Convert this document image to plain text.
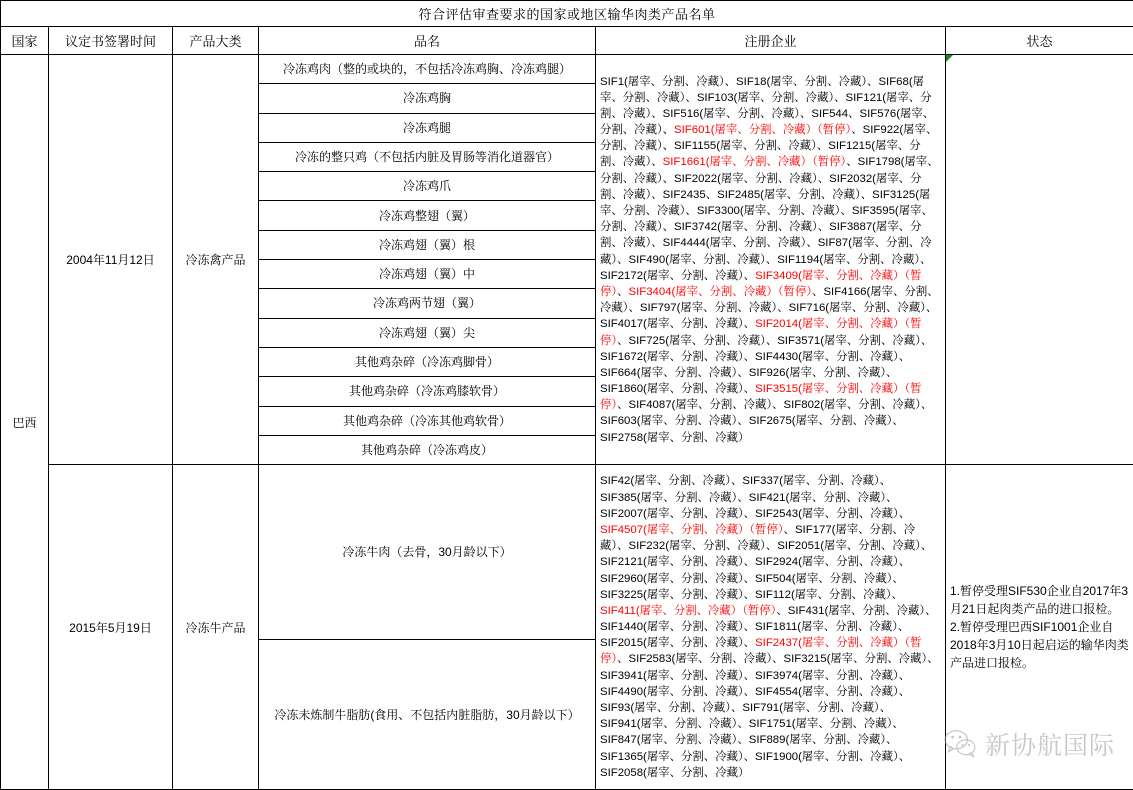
符合评估审查要求的国家或地区输华肉类产品名单					
国家	议定书签署时间	产品大类	品名	注册企业	状态
巴西	2004年11月12日	冷冻禽产品	冷冻鸡肉（整的或块的，不包括冷冻鸡胸、冷冻鸡腿）	SIF1(屠宰、分割、冷藏）、SIF18(屠宰、分割、冷藏）、SIF68(屠宰、分割、冷藏）、SIF103(屠宰、分割、冷藏）、SIF121(屠宰、分割、冷藏）、SIF516(屠宰、分割、冷藏）、SIF544、SIF576(屠宰、分割、冷藏）、SIF601(屠宰、分割、冷藏）（暂停）、SIF922(屠宰、分割、冷藏）、SIF1155(屠宰、分割、冷藏）、SIF1215(屠宰、分割、冷藏）、SIF1661(屠宰、分割、冷藏）（暂停）、SIF1798(屠宰、分割、冷藏）、SIF2022(屠宰、分割、冷藏）、SIF2032(屠宰、分割、冷藏）、SIF2435、SIF2485(屠宰、分割、冷藏）、SIF3125(屠宰、分割、冷藏）、SIF3300(屠宰、分割、冷藏）、SIF3595(屠宰、分割、冷藏）、SIF3742(屠宰、分割、冷藏）、SIF3887(屠宰、分割、冷藏）、SIF4444(屠宰、分割、冷藏）、SIF87(屠宰、分割、冷藏）、SIF490(屠宰、分割、冷藏）、SIF1194(屠宰、分割、冷藏）、SIF2172(屠宰、分割、冷藏）、SIF3409(屠宰、分割、冷藏）（暂停）、SIF3404(屠宰、分割、冷藏）（暂停）、SIF4166(屠宰、分割、冷藏）、SIF797(屠宰、分割、冷藏）、SIF716(屠宰、分割、冷藏）、SIF4017(屠宰、分割、冷藏）、SIF2014(屠宰、分割、冷藏）（暂停）、SIF725(屠宰、分割、冷藏）、SIF3571(屠宰、分割、冷藏）、SIF1672(屠宰、分割、冷藏）、SIF4430(屠宰、分割、冷藏）、SIF664(屠宰、分割、冷藏）、SIF926(屠宰、分割、冷藏）、SIF1860(屠宰、分割、冷藏）、SIF3515(屠宰、分割、冷藏）（暂停）、SIF4087(屠宰、分割、冷藏）、SIF802(屠宰、分割、冷藏）、SIF603(屠宰、分割、冷藏）、SIF2675(屠宰、分割、冷藏）、SIF2758(屠宰、分割、冷藏）	

			冷冻鸡胸		
			冷冻鸡腿		
			冷冻的整只鸡（不包括内脏及胃肠等消化道器官）		
			冷冻鸡爪		
			冷冻鸡整翅（翼）		
			冷冻鸡翅（翼）根		
			冷冻鸡翅（翼）中		
			冷冻鸡两节翅（翼）		
			冷冻鸡翅（翼）尖		
			其他鸡杂碎（冷冻鸡脚骨）		
			其他鸡杂碎（冷冻鸡膝软骨）		
			其他鸡杂碎（冷冻其他鸡软骨）		
			其他鸡杂碎（冷冻鸡皮）		
	2015年5月19日	冷冻牛产品	冷冻牛肉（去骨，30月龄以下）	SIF42(屠宰、分割、冷藏）、SIF337(屠宰、分割、冷藏）、SIF385(屠宰、分割、冷藏）、SIF421(屠宰、分割、冷藏）、SIF2007(屠宰、分割、冷藏）、SIF2543(屠宰、分割、冷藏）、SIF4507(屠宰、分割、冷藏）（暂停）、SIF177(屠宰、分割、冷藏）、SIF232(屠宰、分割、冷藏）、SIF2051(屠宰、分割、冷藏）、SIF2121(屠宰、分割、冷藏）、SIF2924(屠宰、分割、冷藏）、SIF2960(屠宰、分割、冷藏）、SIF504(屠宰、分割、冷藏）、SIF3225(屠宰、分割、冷藏）、SIF112(屠宰、分割、冷藏）、SIF411(屠宰、分割、冷藏）（暂停）、SIF431(屠宰、分割、冷藏）、SIF1440(屠宰、分割、冷藏）、SIF1811(屠宰、分割、冷藏）、SIF2015(屠宰、分割、冷藏）、SIF2437(屠宰、分割、冷藏）（暂停）、SIF2583(屠宰、分割、冷藏）、SIF3215(屠宰、分割、冷藏）、SIF3941(屠宰、分割、冷藏）、SIF3974(屠宰、分割、冷藏）、SIF4490(屠宰、分割、冷藏）、SIF4554(屠宰、分割、冷藏）、SIF93(屠宰、分割、冷藏）、SIF791(屠宰、分割、冷藏）、SIF941(屠宰、分割、冷藏）、SIF1751(屠宰、分割、冷藏）、SIF847(屠宰、分割、冷藏）、SIF889(屠宰、分割、冷藏）、SIF1365(屠宰、分割、冷藏）、SIF1900(屠宰、分割、冷藏）、SIF2058(屠宰、分割、冷藏）	1.暂停受理SIF530企业自2017年3月21日起肉类产品的进口报检。

2.暂停受理巴西SIF1001企业自2018年3月10日起启运的输华肉类产品进口报检。

			冷冻未炼制牛脂肪(食用、不包括内脏脂肪，30月龄以下）		
新协航国际
